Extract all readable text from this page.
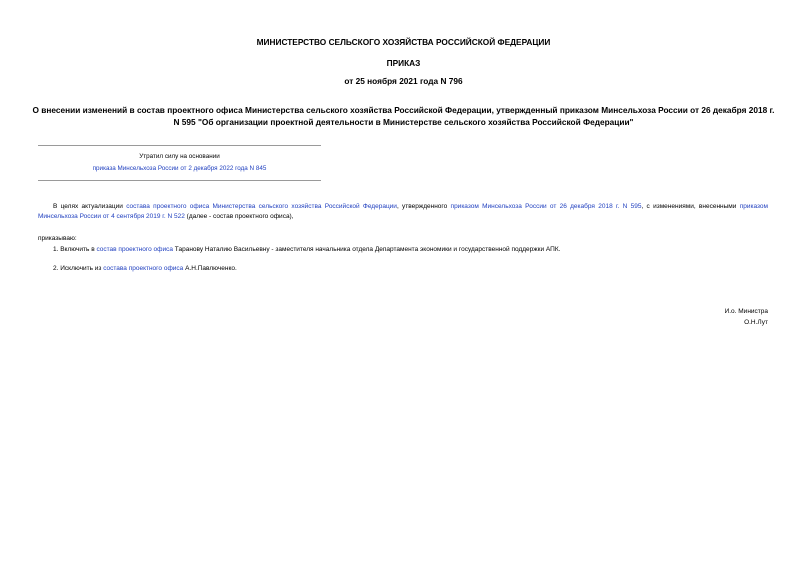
МИНИСТЕРСТВО СЕЛЬСКОГО ХОЗЯЙСТВА РОССИЙСКОЙ ФЕДЕРАЦИИ
ПРИКАЗ
от 25 ноября 2021 года N 796
О внесении изменений в состав проектного офиса Министерства сельского хозяйства Российской Федерации, утвержденный приказом Минсельхоза России от 26 декабря 2018 г. N 595 "Об организации проектной деятельности в Министерстве сельского хозяйства Российской Федерации"
Утратил силу на основании
приказа Минсельхоза России от 2 декабря 2022 года N 845
В целях актуализации состава проектного офиса Министерства сельского хозяйства Российской Федерации, утвержденного приказом Минсельхоза России от 26 декабря 2018 г. N 595, с изменениями, внесенными приказом Минсельхоза России от 4 сентября 2019 г. N 522 (далее - состав проектного офиса),
приказываю:
1. Включить в состав проектного офиса Таранову Наталию Васильевну - заместителя начальника отдела Департамента экономики и государственной поддержки АПК.
2. Исключить из состава проектного офиса А.Н.Павлюченко.
И.о. Министра
О.Н.Лут
